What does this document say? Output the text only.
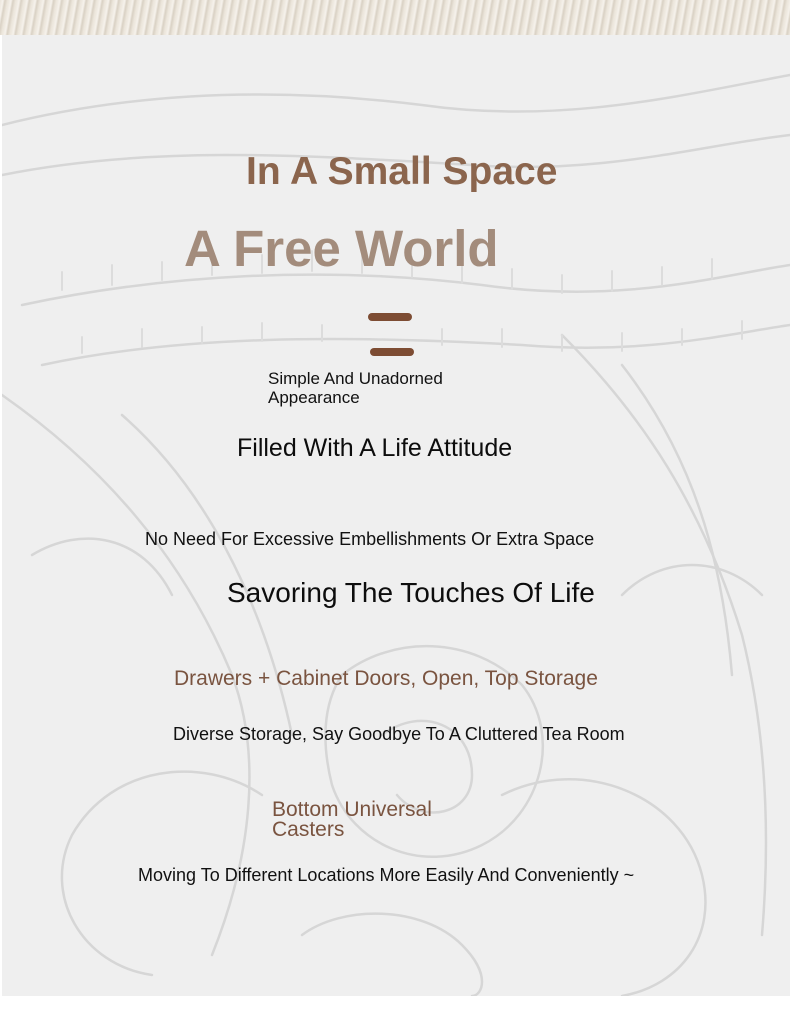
In A Small Space

A Free World

Simple And Unadorned Appearance

Filled With A Life Attitude

No Need For Excessive Embellishments Or Extra Space

Savoring The Touches Of Life

Drawers + Cabinet Doors, Open, Top Storage

Diverse Storage, Say Goodbye To A Cluttered Tea Room

Bottom Universal Casters

Moving To Different Locations More Easily And Conveniently ~
